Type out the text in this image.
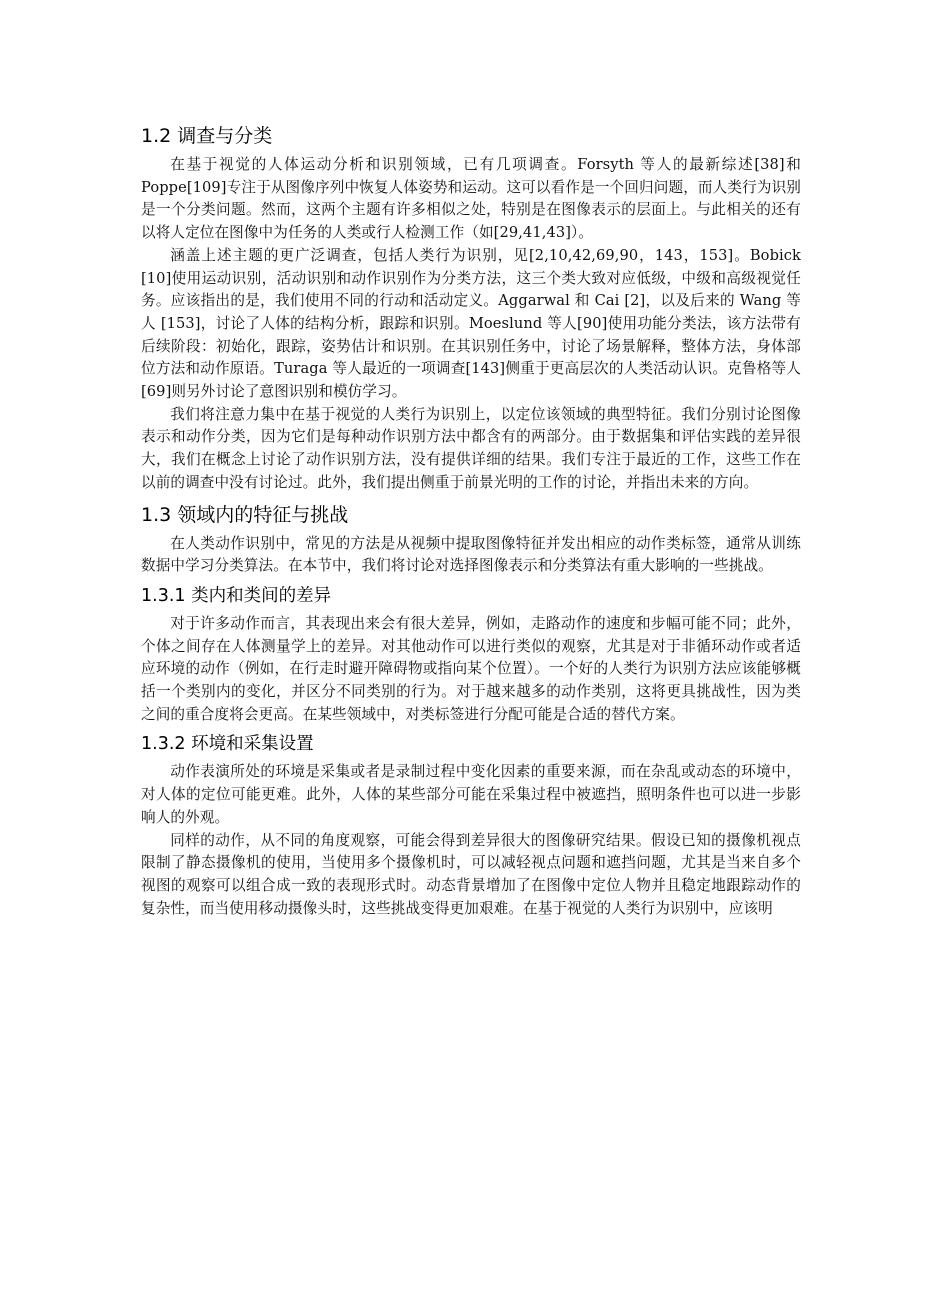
1.2 调查与分类

在基于视觉的人体运动分析和识别领域，已有几项调查。Forsyth 等人的最新综述[38]和 Poppe[109]专注于从图像序列中恢复人体姿势和运动。这可以看作是一个回归问题，而人类行为识别是一个分类问题。然而，这两个主题有许多相似之处，特别是在图像表示的层面上。与此相关的还有以将人定位在图像中为任务的人类或行人检测工作（如[29,41,43]）。

涵盖上述主题的更广泛调查，包括人类行为识别，见[2,10,42,69,90，143，153]。Bobick [10]使用运动识别，活动识别和动作识别作为分类方法，这三个类大致对应低级，中级和高级视觉任务。应该指出的是，我们使用不同的行动和活动定义。Aggarwal 和 Cai [2]，以及后来的 Wang 等人 [153]，讨论了人体的结构分析，跟踪和识别。Moeslund 等人[90]使用功能分类法，该方法带有后续阶段：初始化，跟踪，姿势估计和识别。在其识别任务中，讨论了场景解释，整体方法，身体部位方法和动作原语。Turaga 等人最近的一项调查[143]侧重于更高层次的人类活动认识。克鲁格等人[69]则另外讨论了意图识别和模仿学习。

我们将注意力集中在基于视觉的人类行为识别上，以定位该领域的典型特征。我们分别讨论图像表示和动作分类，因为它们是每种动作识别方法中都含有的两部分。由于数据集和评估实践的差异很大，我们在概念上讨论了动作识别方法，没有提供详细的结果。我们专注于最近的工作，这些工作在以前的调查中没有讨论过。此外，我们提出侧重于前景光明的工作的讨论，并指出未来的方向。

1.3 领域内的特征与挑战

在人类动作识别中，常见的方法是从视频中提取图像特征并发出相应的动作类标签，通常从训练数据中学习分类算法。在本节中，我们将讨论对选择图像表示和分类算法有重大影响的一些挑战。

1.3.1 类内和类间的差异

对于许多动作而言，其表现出来会有很大差异，例如，走路动作的速度和步幅可能不同；此外，个体之间存在人体测量学上的差异。对其他动作可以进行类似的观察，尤其是对于非循环动作或者适应环境的动作（例如，在行走时避开障碍物或指向某个位置）。一个好的人类行为识别方法应该能够概括一个类别内的变化，并区分不同类别的行为。对于越来越多的动作类别，这将更具挑战性，因为类之间的重合度将会更高。在某些领域中，对类标签进行分配可能是合适的替代方案。

1.3.2 环境和采集设置

动作表演所处的环境是采集或者是录制过程中变化因素的重要来源，而在杂乱或动态的环境中，对人体的定位可能更难。此外，人体的某些部分可能在采集过程中被遮挡，照明条件也可以进一步影响人的外观。

同样的动作，从不同的角度观察，可能会得到差异很大的图像研究结果。假设已知的摄像机视点限制了静态摄像机的使用，当使用多个摄像机时，可以减轻视点问题和遮挡问题，尤其是当来自多个视图的观察可以组合成一致的表现形式时。动态背景增加了在图像中定位人物并且稳定地跟踪动作的复杂性，而当使用移动摄像头时，这些挑战变得更加艰难。在基于视觉的人类行为识别中，应该明
